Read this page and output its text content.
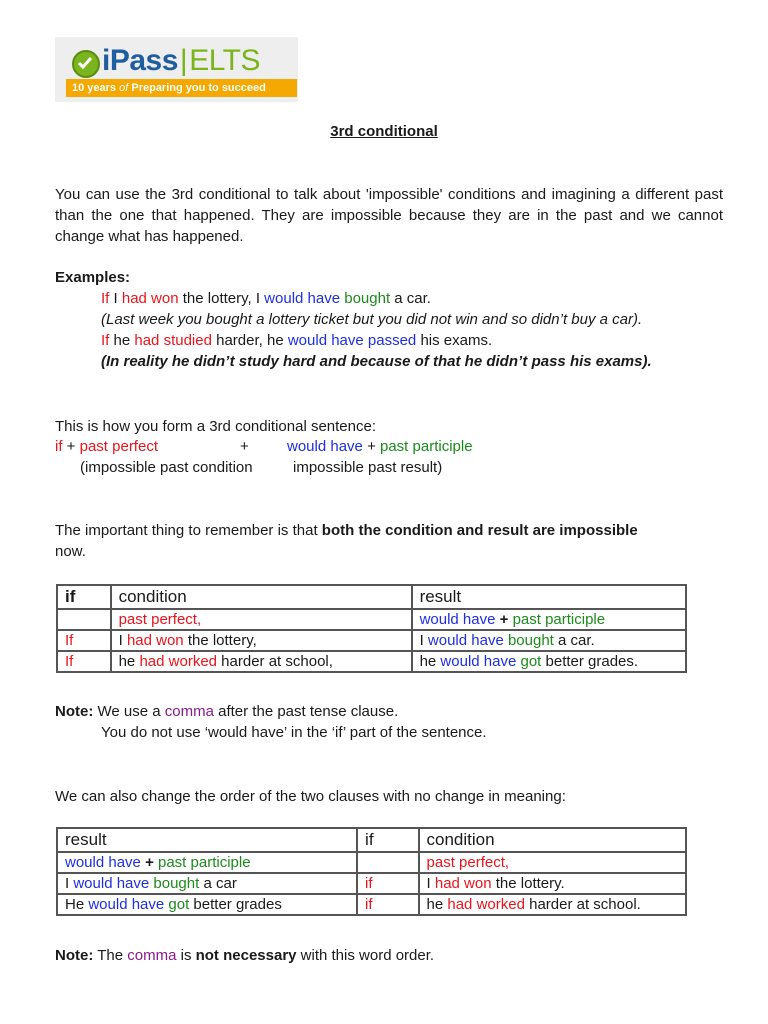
iPass|ELTS
10 years of Preparing you to succeed
3rd conditional
You can use the 3rd conditional to talk about 'impossible' conditions and imagining a different past than the one that happened. They are impossible because they are in the past and we cannot change what has happened.
Examples:
If I had won the lottery, I would have bought a car.
(Last week you bought a lottery ticket but you did not win and so didn’t buy a car).
If he had studied harder, he would have passed his exams.
(In reality he didn’t study hard and because of that he didn’t pass his exams).
This is how you form a 3rd conditional sentence:
if + past perfect	+	would have + past participle
(impossible past condition	impossible past result)
The important thing to remember is that both the condition and result are impossible
now.
if	condition	result
	past perfect,	would have + past participle
If	I had won the lottery,	I would have bought a car.
If	he had worked harder at school,	he would have got better grades.
Note: We use a comma after the past tense clause.
You do not use ‘would have’ in the ‘if’ part of the sentence.
We can also change the order of the two clauses with no change in meaning:
result	if	condition
would have + past participle		past perfect,
I would have bought a car	if	I had won the lottery.
He would have got better grades	if	he had worked harder at school.
Note: The comma is not necessary with this word order.
